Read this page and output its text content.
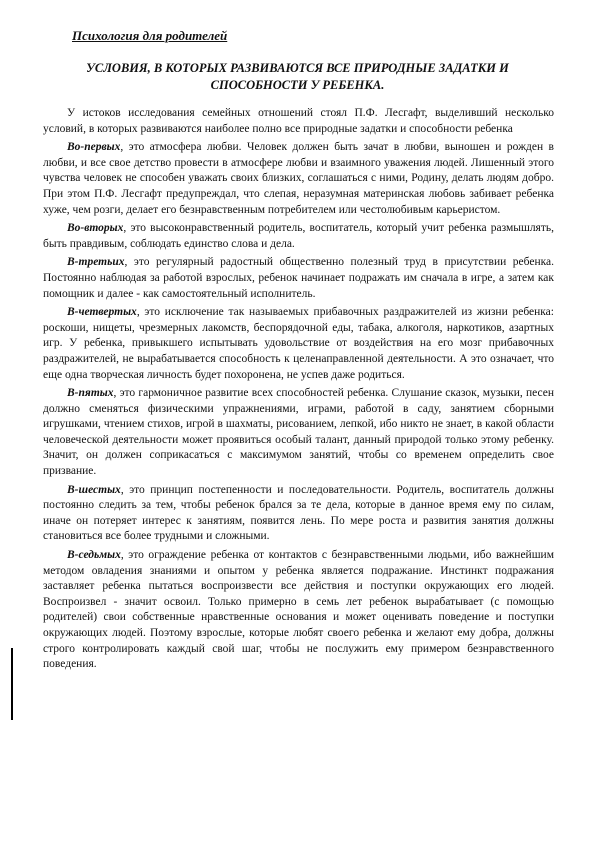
Психология для родителей
УСЛОВИЯ, В КОТОРЫХ РАЗВИВАЮТСЯ ВСЕ ПРИРОДНЫЕ ЗАДАТКИ И СПОСОБНОСТИ У РЕБЕНКА.

У истоков исследования семейных отношений стоял П.Ф. Лесгафт, выделивший несколько условий, в которых развиваются наиболее полно все природные задатки и способности ребенка

Во-первых, это атмосфера любви. Человек должен быть зачат в любви, выношен и рожден в любви, и все свое детство провести в атмосфере любви и взаимного уважения людей. Лишенный этого чувства человек не способен уважать своих близких, соглашаться с ними, Родину, делать людям добро. При этом П.Ф. Лесгафт предупреждал, что слепая, неразумная материнская любовь забивает ребенка хуже, чем розги, делает его безнравственным потребителем или честолюбивым карьеристом.

Во-вторых, это высоконравственный родитель, воспитатель, который учит ребенка размышлять, быть правдивым, соблюдать единство слова и дела.

В-третьих, это регулярный радостный общественно полезный труд в присутствии ребенка. Постоянно наблюдая за работой взрослых, ребенок начинает подражать им сначала в игре, а затем как помощник и далее - как самостоятельный исполнитель.

В-четвертых, это исключение так называемых прибавочных раздражителей из жизни ребенка: роскоши, нищеты, чрезмерных лакомств, беспорядочной еды, табака, алкоголя, наркотиков, азартных игр. У ребенка, привыкшего испытывать удовольствие от воздействия на его мозг прибавочных раздражителей, не вырабатывается способность к целенаправленной деятельности. А это означает, что еще одна творческая личность будет похоронена, не успев даже родиться.

В-пятых, это гармоничное развитие всех способностей ребенка. Слушание сказок, музыки, песен должно сменяться физическими упражнениями, играми, работой в саду, занятием сборными игрушками, чтением стихов, игрой в шахматы, рисованием, лепкой, ибо никто не знает, в какой области человеческой деятельности может проявиться особый талант, данный природой только этому ребенку. Значит, он должен соприкасаться с максимумом занятий, чтобы со временем определить свое призвание.

В-шестых, это принцип постепенности и последовательности. Родитель, воспитатель должны постоянно следить за тем, чтобы ребенок брался за те дела, которые в данное время ему по силам, иначе он потеряет интерес к занятиям, появится лень. По мере роста и развития занятия должны становиться все более трудными и сложными.

В-седьмых, это ограждение ребенка от контактов с безнравственными людьми, ибо важнейшим методом овладения знаниями и опытом у ребенка является подражание. Инстинкт подражания заставляет ребенка пытаться воспроизвести все действия и поступки окружающих его людей. Воспроизвел - значит освоил. Только примерно в семь лет ребенок вырабатывает (с помощью родителей) свои собственные нравственные основания и может оценивать поведение и поступки окружающих людей. Поэтому взрослые, которые любят своего ребенка и желают ему добра, должны строго контролировать каждый свой шаг, чтобы не послужить ему примером безнравственного поведения.
